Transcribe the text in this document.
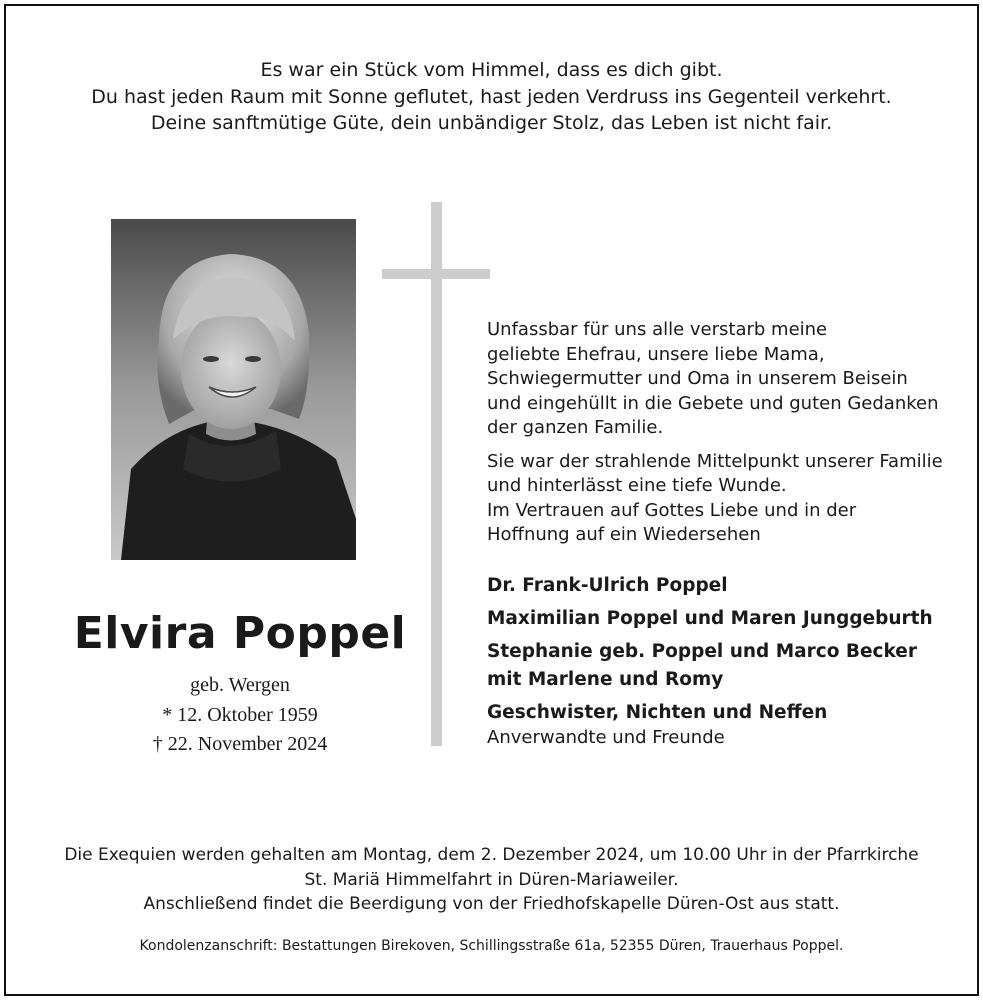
Es war ein Stück vom Himmel, dass es dich gibt.
Du hast jeden Raum mit Sonne geflutet, hast jeden Verdruss ins Gegenteil verkehrt.
Deine sanftmütige Güte, dein unbändiger Stolz, das Leben ist nicht fair.
Elvira Poppel
geb. Wergen
* 12. Oktober 1959
† 22. November 2024
Unfassbar für uns alle verstarb meine
geliebte Ehefrau, unsere liebe Mama,
Schwiegermutter und Oma in unserem Beisein
und eingehüllt in die Gebete und guten Gedanken
der ganzen Familie.
Sie war der strahlende Mittelpunkt unserer Familie
und hinterlässt eine tiefe Wunde.
Im Vertrauen auf Gottes Liebe und in der
Hoffnung auf ein Wiedersehen
Dr. Frank-Ulrich Poppel
Maximilian Poppel und Maren Junggeburth
Stephanie geb. Poppel und Marco Becker
mit Marlene und Romy
Geschwister, Nichten und Neffen
Anverwandte und Freunde
Die Exequien werden gehalten am Montag, dem 2. Dezember 2024, um 10.00 Uhr in der Pfarrkirche
St. Mariä Himmelfahrt in Düren-Mariaweiler.
Anschließend findet die Beerdigung von der Friedhofskapelle Düren-Ost aus statt.
Kondolenzanschrift: Bestattungen Birekoven, Schillingsstraße 61a, 52355 Düren, Trauerhaus Poppel.
